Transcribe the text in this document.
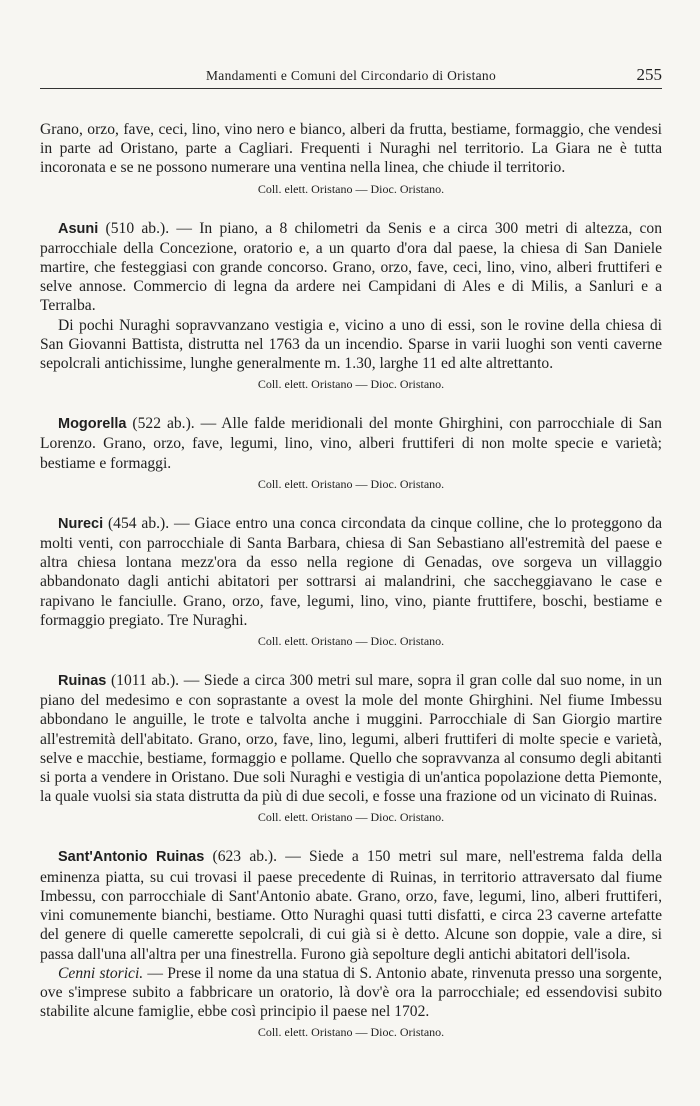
Mandamenti e Comuni del Circondario di Oristano	255

Grano, orzo, fave, ceci, lino, vino nero e bianco, alberi da frutta, bestiame, formaggio, che vendesi in parte ad Oristano, parte a Cagliari. Frequenti i Nuraghi nel territorio. La Giara ne è tutta incoronata e se ne possono numerare una ventina nella linea, che chiude il territorio.

Coll. elett. Oristano — Dioc. Oristano.

Asuni (510 ab.). — In piano, a 8 chilometri da Senis e a circa 300 metri di altezza, con parrocchiale della Concezione, oratorio e, a un quarto d'ora dal paese, la chiesa di San Daniele martire, che festeggiasi con grande concorso. Grano, orzo, fave, ceci, lino, vino, alberi fruttiferi e selve annose. Commercio di legna da ardere nei Campidani di Ales e di Milis, a Sanluri e a Terralba.

Di pochi Nuraghi sopravvanzano vestigia e, vicino a uno di essi, son le rovine della chiesa di San Giovanni Battista, distrutta nel 1763 da un incendio. Sparse in varii luoghi son venti caverne sepolcrali antichissime, lunghe generalmente m. 1.30, larghe 11 ed alte altrettanto.

Coll. elett. Oristano — Dioc. Oristano.

Mogorella (522 ab.). — Alle falde meridionali del monte Ghirghini, con parrocchiale di San Lorenzo. Grano, orzo, fave, legumi, lino, vino, alberi fruttiferi di non molte specie e varietà; bestiame e formaggi.

Coll. elett. Oristano — Dioc. Oristano.

Nureci (454 ab.). — Giace entro una conca circondata da cinque colline, che lo proteggono da molti venti, con parrocchiale di Santa Barbara, chiesa di San Sebastiano all'estremità del paese e altra chiesa lontana mezz'ora da esso nella regione di Genadas, ove sorgeva un villaggio abbandonato dagli antichi abitatori per sottrarsi ai malandrini, che saccheggiavano le case e rapivano le fanciulle. Grano, orzo, fave, legumi, lino, vino, piante fruttifere, boschi, bestiame e formaggio pregiato. Tre Nuraghi.

Coll. elett. Oristano — Dioc. Oristano.

Ruinas (1011 ab.). — Siede a circa 300 metri sul mare, sopra il gran colle dal suo nome, in un piano del medesimo e con soprastante a ovest la mole del monte Ghirghini. Nel fiume Imbessu abbondano le anguille, le trote e talvolta anche i muggini. Parrocchiale di San Giorgio martire all'estremità dell'abitato. Grano, orzo, fave, lino, legumi, alberi fruttiferi di molte specie e varietà, selve e macchie, bestiame, formaggio e pollame. Quello che sopravvanza al consumo degli abitanti si porta a vendere in Oristano. Due soli Nuraghi e vestigia di un'antica popolazione detta Piemonte, la quale vuolsi sia stata distrutta da più di due secoli, e fosse una frazione od un vicinato di Ruinas.

Coll. elett. Oristano — Dioc. Oristano.

Sant'Antonio Ruinas (623 ab.). — Siede a 150 metri sul mare, nell'estrema falda della eminenza piatta, su cui trovasi il paese precedente di Ruinas, in territorio attraversato dal fiume Imbessu, con parrocchiale di Sant'Antonio abate. Grano, orzo, fave, legumi, lino, alberi fruttiferi, vini comunemente bianchi, bestiame. Otto Nuraghi quasi tutti disfatti, e circa 23 caverne artefatte del genere di quelle camerette sepolcrali, di cui già si è detto. Alcune son doppie, vale a dire, si passa dall'una all'altra per una finestrella. Furono già sepolture degli antichi abitatori dell'isola.

Cenni storici. — Prese il nome da una statua di S. Antonio abate, rinvenuta presso una sorgente, ove s'imprese subito a fabbricare un oratorio, là dov'è ora la parrocchiale; ed essendovisi subito stabilite alcune famiglie, ebbe così principio il paese nel 1702.

Coll. elett. Oristano — Dioc. Oristano.
